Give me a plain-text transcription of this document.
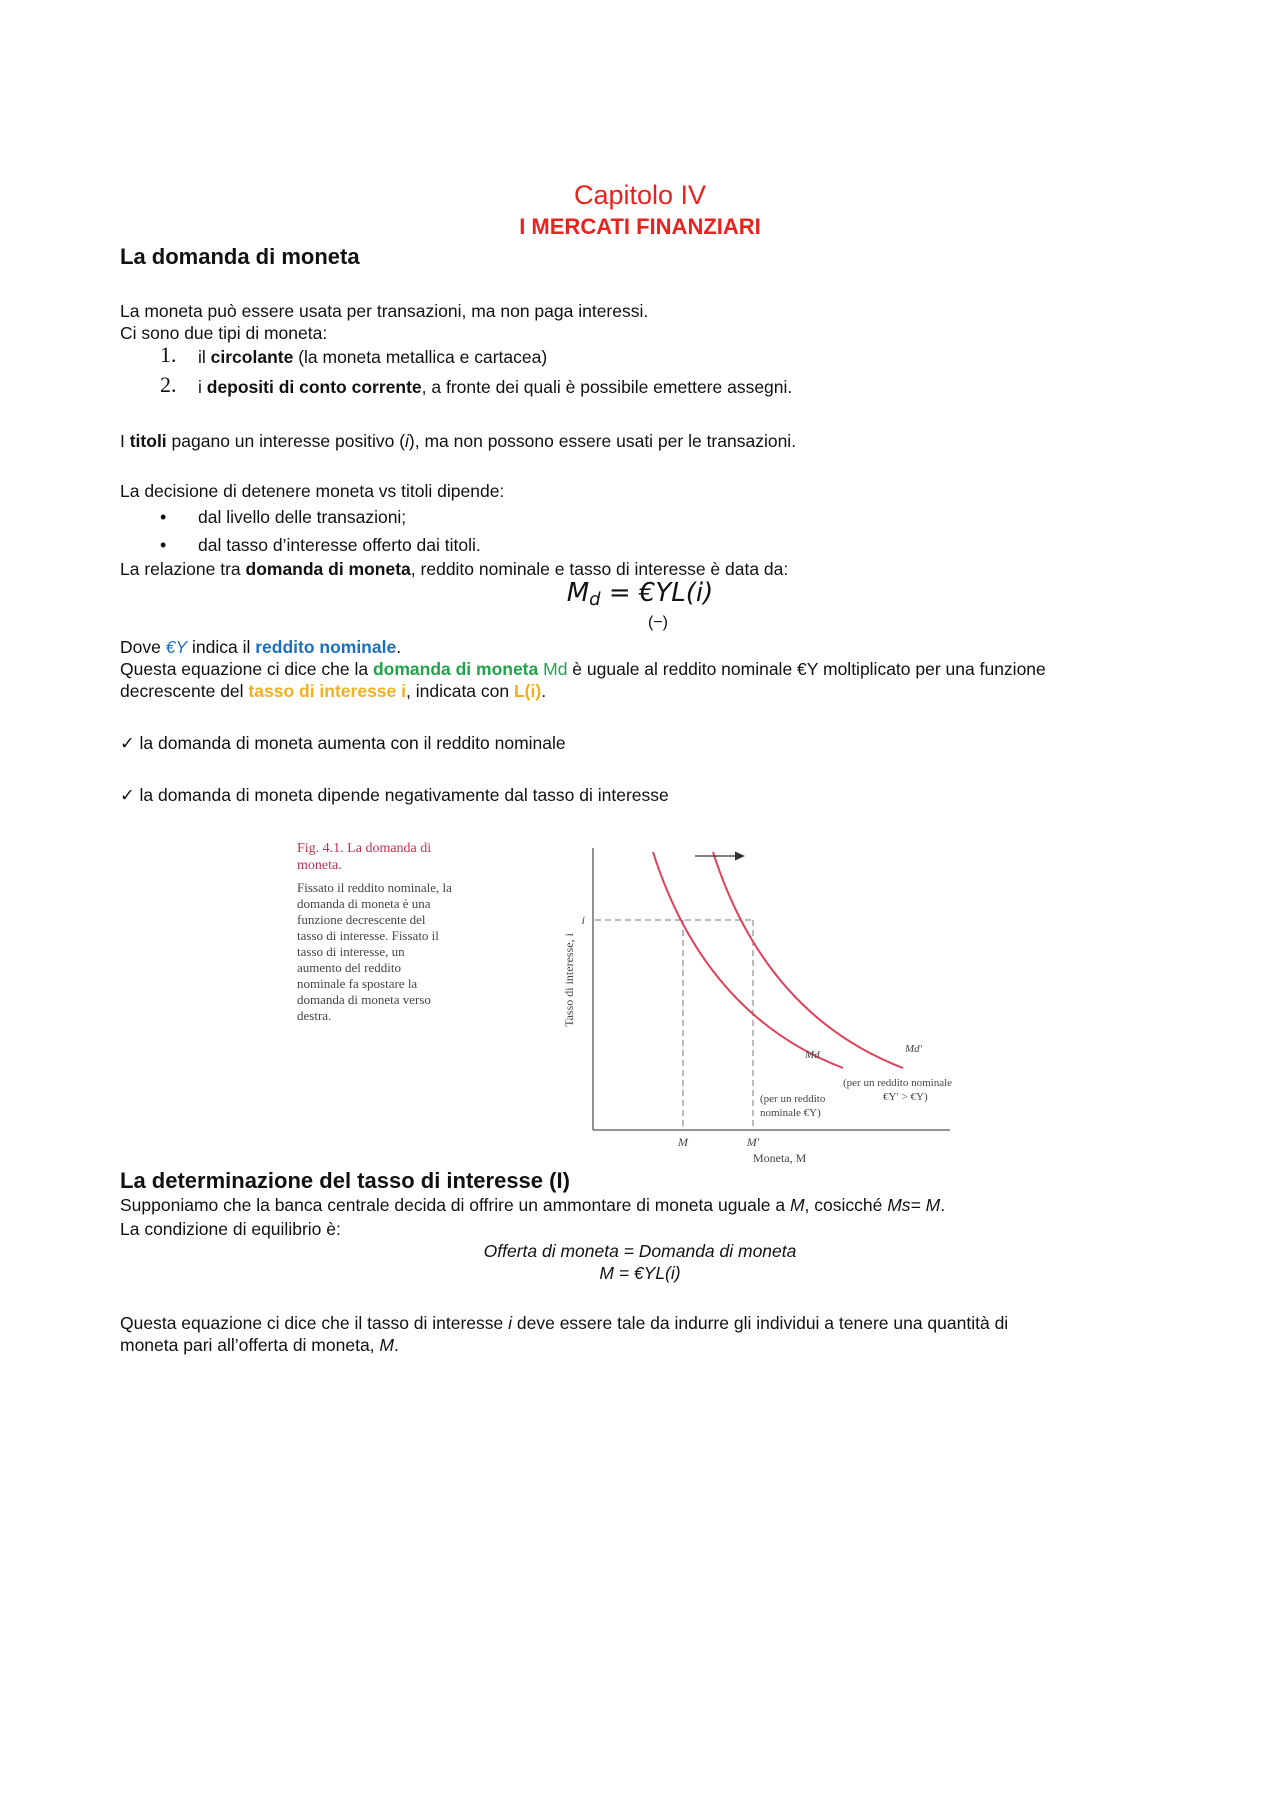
Capitolo IV
I MERCATI FINANZIARI
La domanda di moneta
La moneta può essere usata per transazioni, ma non paga interessi.
Ci sono due tipi di moneta:
1. il circolante (la moneta metallica e cartacea)
2. i depositi di conto corrente, a fronte dei quali è possibile emettere assegni.
I titoli pagano un interesse positivo (i), ma non possono essere usati per le transazioni.
La decisione di detenere moneta vs titoli dipende:
• dal livello delle transazioni;
• dal tasso d’interesse offerto dai titoli.
La relazione tra domanda di moneta, reddito nominale e tasso di interesse è data da:
$M_d$ = €YL(i)
(−)
Dove €Y indica il reddito nominale.
Questa equazione ci dice che la domanda di moneta Md è uguale al reddito nominale €Y moltiplicato per una funzione
decrescente del tasso di interesse i, indicata con L(i).
✓ la domanda di moneta aumenta con il reddito nominale
✓ la domanda di moneta dipende negativamente dal tasso di interesse
Fig. 4.1. La domanda di moneta.
Fissato il reddito nominale, la domanda di moneta è una funzione decrescente del tasso di interesse. Fissato il tasso di interesse, un aumento del reddito nominale fa spostare la domanda di moneta verso destra.
i
M	M′
Moneta, M
Tasso di interesse, i
Md	Md′
(per un reddito
nominale €Y)
(per un reddito nominale
€Y′ > €Y)
La determinazione del tasso di interesse (I)
Supponiamo che la banca centrale decida di offrire un ammontare di moneta uguale a M, cosicché Ms= M.
La condizione di equilibrio è:
Offerta di moneta = Domanda di moneta
M = €YL(i)
Questa equazione ci dice che il tasso di interesse i deve essere tale da indurre gli individui a tenere una quantità di
moneta pari all’offerta di moneta, M.
